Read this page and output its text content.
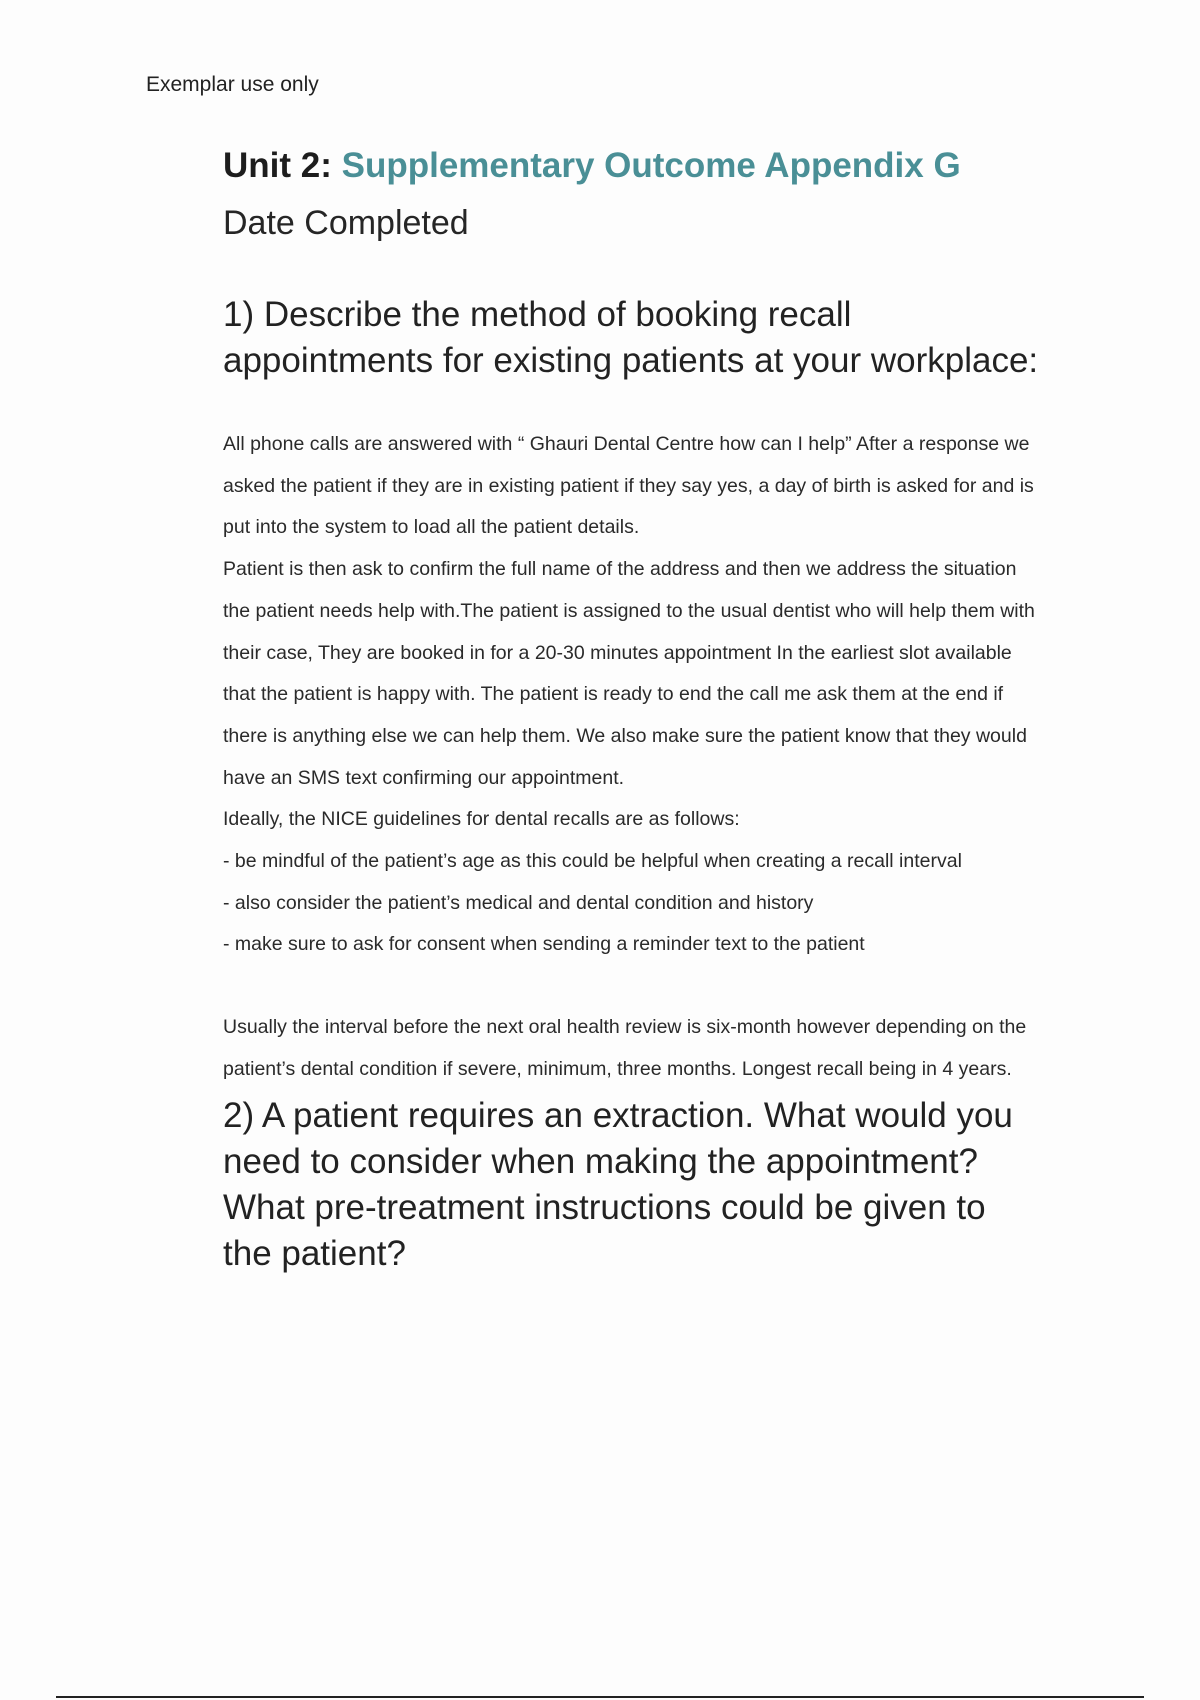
Exemplar use only
Unit 2: Supplementary Outcome Appendix G
Date Completed
1) Describe the method of booking recall appointments for existing patients at your workplace:

All phone calls are answered with “ Ghauri Dental Centre how can I help” After a response we asked the patient if they are in existing patient if they say yes, a day of birth is asked for and is put into the system to load all the patient details.

Patient is then ask to confirm the full name of the address and then we address the situation the patient needs help with.The patient is assigned to the usual dentist who will help them with their case, They are booked in for a 20-30 minutes appointment In the earliest slot available that the patient is happy with. The patient is ready to end the call me ask them at the end if there is anything else we can help them. We also make sure the patient know that they would have an SMS text confirming our appointment.

Ideally, the NICE guidelines for dental recalls are as follows:

- be mindful of the patient’s age as this could be helpful when creating a recall interval

- also consider the patient’s medical and dental condition and history

- make sure to ask for consent when sending a reminder text to the patient

Usually the interval before the next oral health review is six-month however depending on the patient’s dental condition if severe, minimum, three months. Longest recall being in 4 years.

2) A patient requires an extraction. What would you need to consider when making the appointment? What pre-treatment instructions could be given to the patient?
